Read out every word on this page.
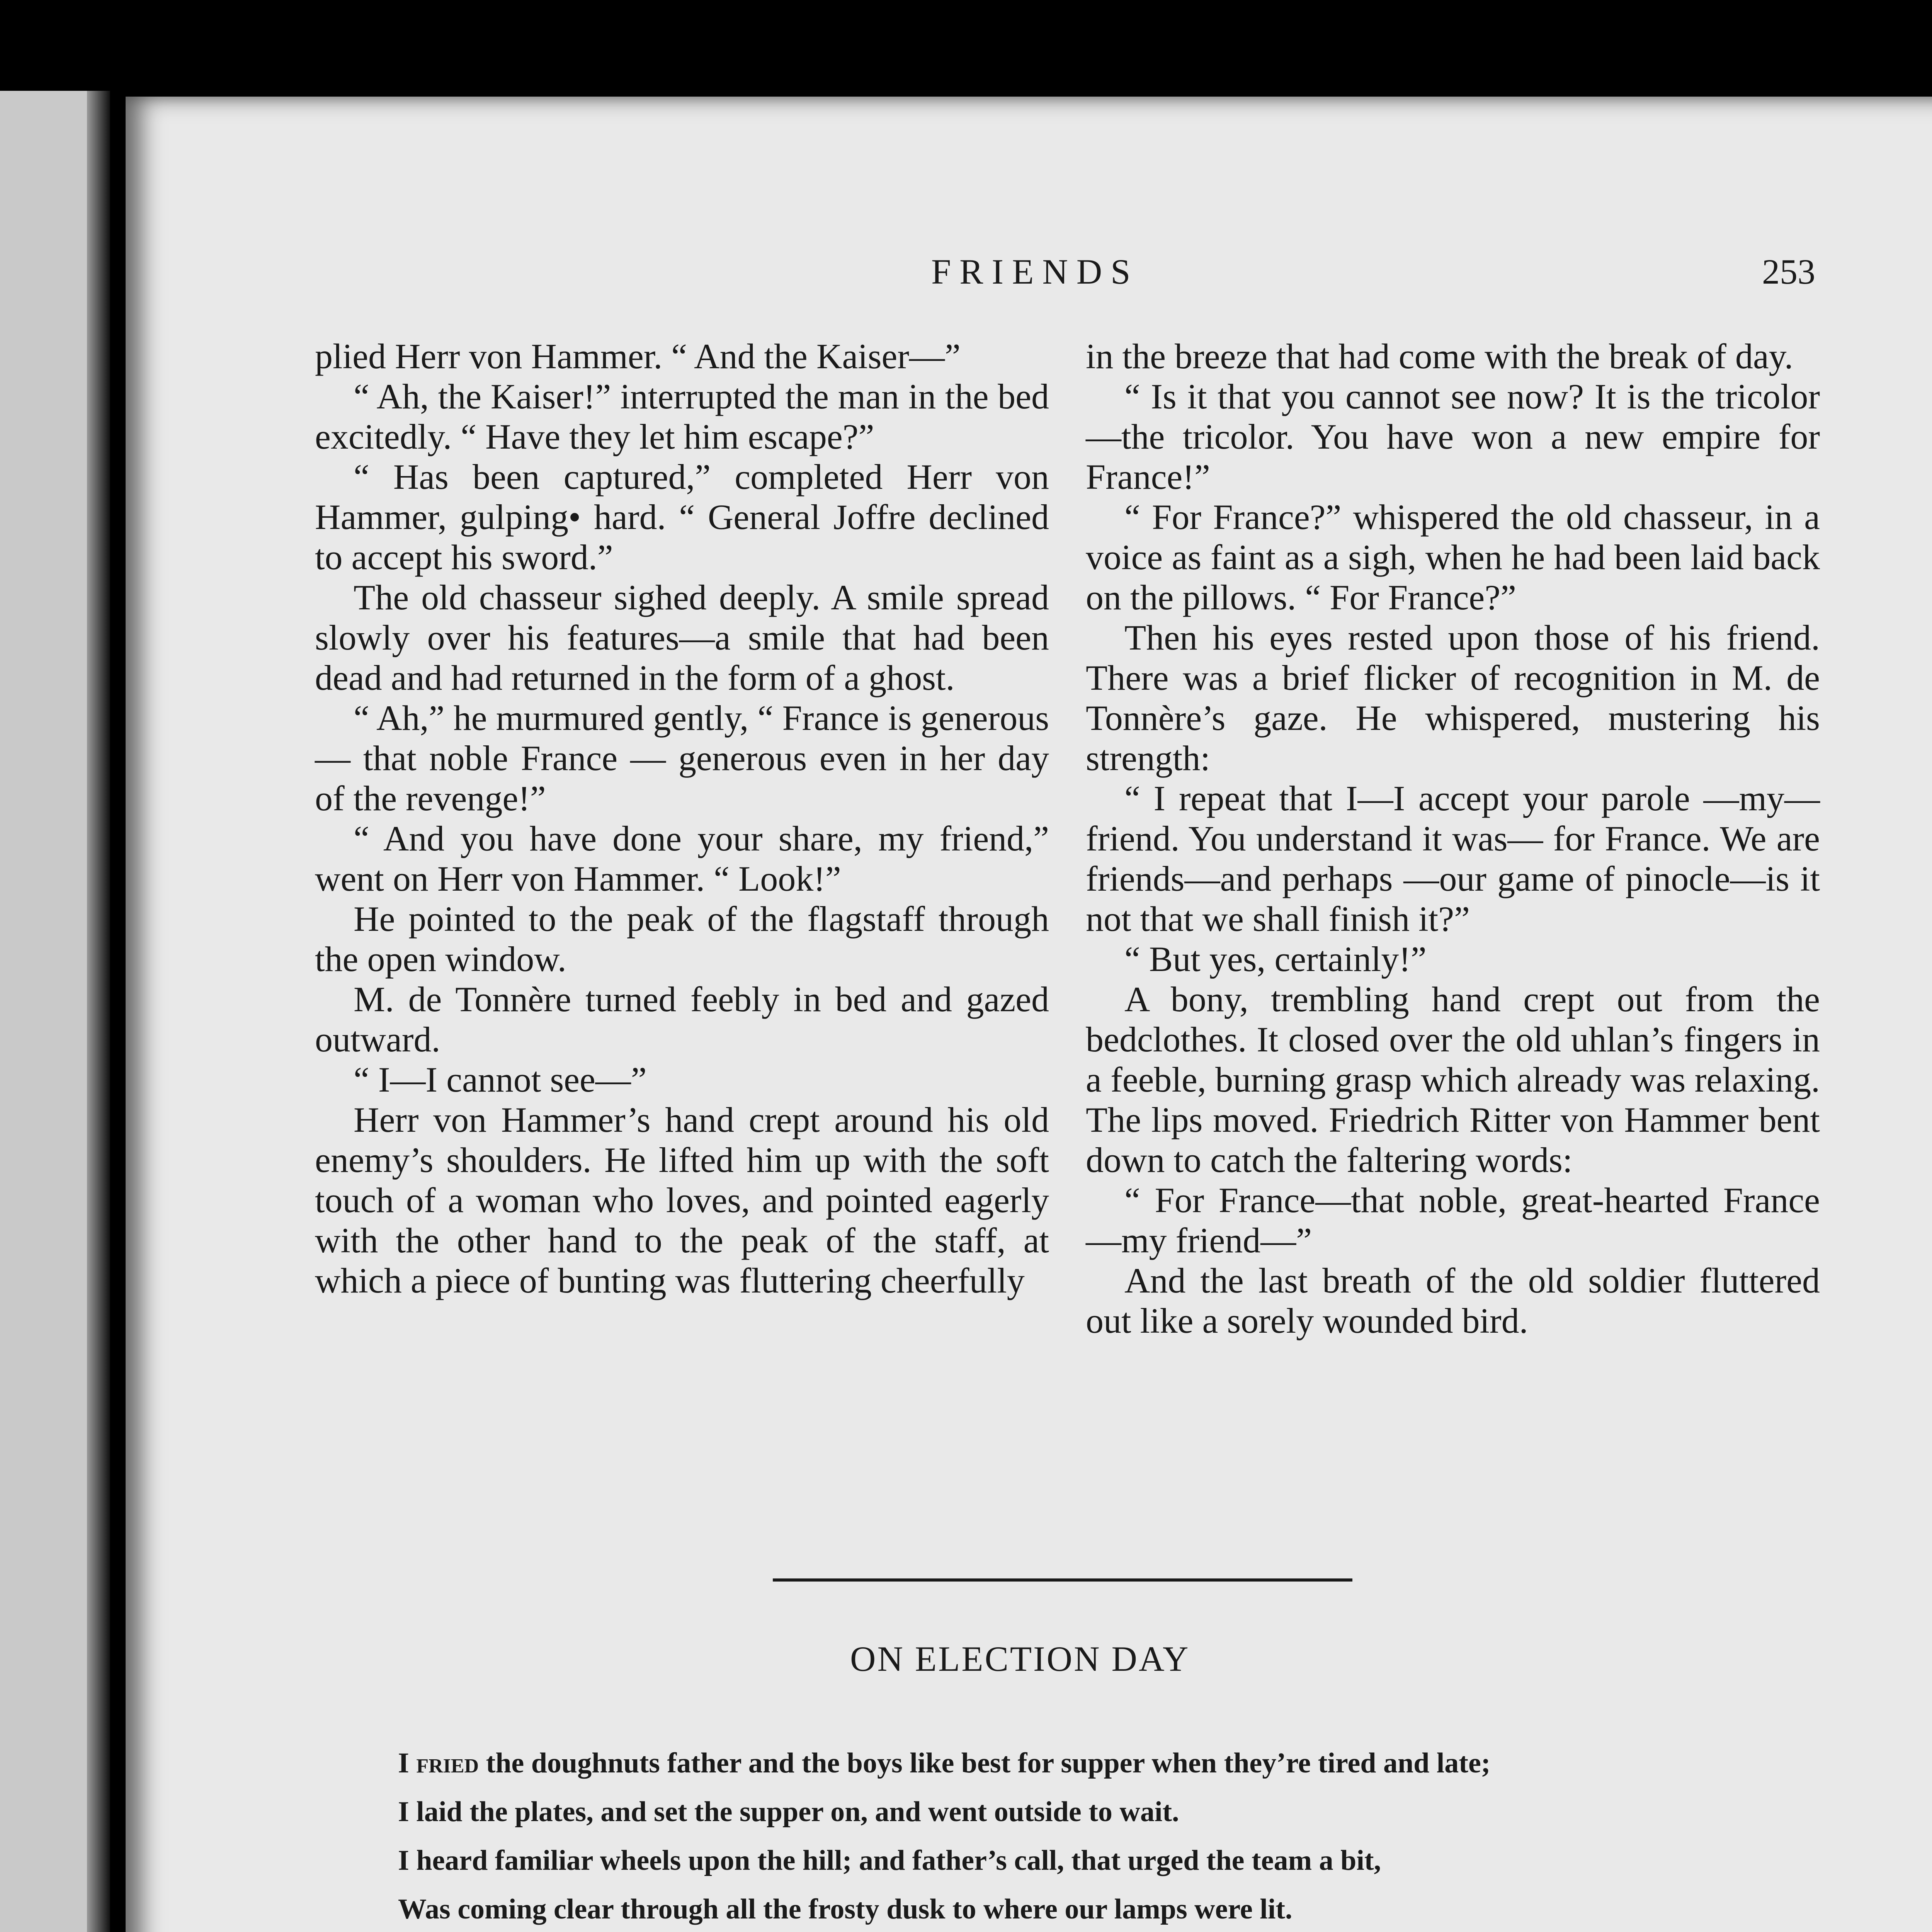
FRIENDS	253

plied Herr von Hammer. “ And the Kaiser—”

“ Ah, the Kaiser!” interrupted the man in the bed excitedly. “ Have they let him escape?”

“ Has been captured,” completed Herr von Hammer, gulping• hard. “ General Joffre declined to accept his sword.”

The old chasseur sighed deeply. A smile spread slowly over his features—a smile that had been dead and had returned in the form of a ghost.

“ Ah,” he murmured gently, “ France is generous — that noble France — generous even in her day of the revenge!”

“ And you have done your share, my friend,” went on Herr von Hammer. “ Look!”

He pointed to the peak of the flagstaff through the open window.

M. de Tonnère turned feebly in bed and gazed outward.

“ I—I cannot see—”

Herr von Hammer’s hand crept around his old enemy’s shoulders. He lifted him up with the soft touch of a woman who loves, and pointed eagerly with the other hand to the peak of the staff, at which a piece of bunting was fluttering cheerfully

in the breeze that had come with the break of day.

“ Is it that you cannot see now? It is the tricolor—the tricolor. You have won a new empire for France!”

“ For France?” whispered the old chasseur, in a voice as faint as a sigh, when he had been laid back on the pillows. “ For France?”

Then his eyes rested upon those of his friend. There was a brief flicker of recognition in M. de Tonnère’s gaze. He whispered, mustering his strength:

“ I repeat that I—I accept your parole —my—friend. You understand it was— for France. We are friends—and perhaps —our game of pinocle—is it not that we shall finish it?”

“ But yes, certainly!”

A bony, trembling hand crept out from the bedclothes. It closed over the old uhlan’s fingers in a feeble, burning grasp which already was relaxing. The lips moved. Friedrich Ritter von Hammer bent down to catch the faltering words:

“ For France—that noble, great-hearted France—my friend—”

And the last breath of the old soldier fluttered out like a sorely wounded bird.

ON ELECTION DAY
I fried the doughnuts father and the boys like best for supper when they’re tired and late;
I laid the plates, and set the supper on, and went outside to wait.
I heard familiar wheels upon the hill; and father’s call, that urged the team a bit,
Was coming clear through all the frosty dusk to where our lamps were lit.
